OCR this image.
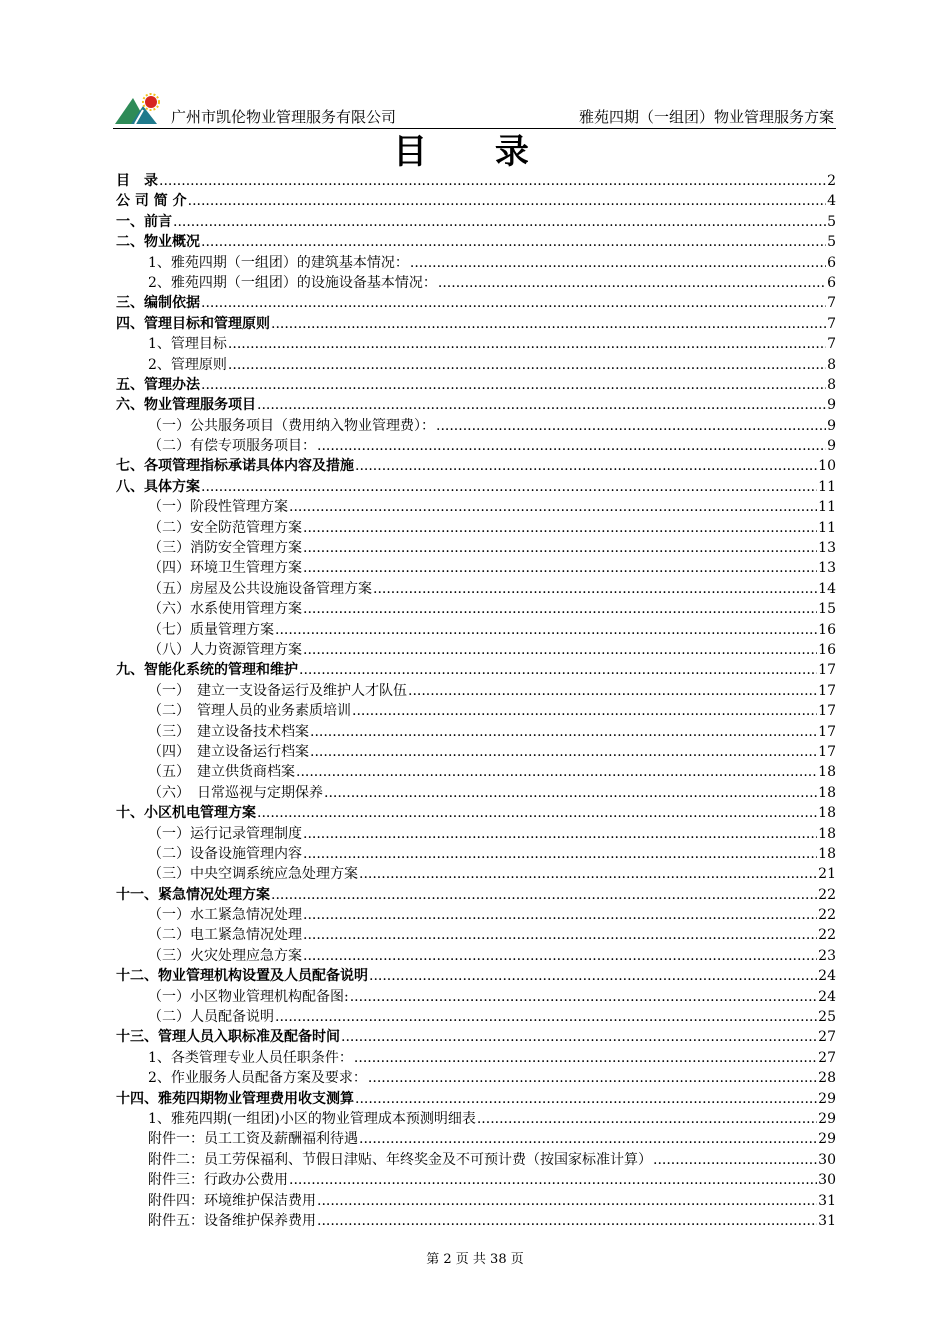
广州市凯伦物业管理服务有限公司	雅苑四期（一组团）物业管理服务方案
目 录
目　录 .....	2
公 司 简 介 .....	4
一、前言 .....	5
二、物业概况 .....	5
1、雅苑四期（一组团）的建筑基本情况： .....	6
2、雅苑四期（一组团）的设施设备基本情况： .....	6
三、编制依据 .....	7
四、管理目标和管理原则 .....	7
1、管理目标 .....	7
2、管理原则 .....	8
五、管理办法 .....	8
六、物业管理服务项目 .....	9
（一）公共服务项目（费用纳入物业管理费）： .....	9
（二）有偿专项服务项目： .....	9
七、各项管理指标承诺具体内容及措施 .....	10
八、具体方案 .....	11
（一）阶段性管理方案 .....	11
（二）安全防范管理方案 .....	11
（三）消防安全管理方案 .....	13
（四）环境卫生管理方案 .....	13
（五）房屋及公共设施设备管理方案 .....	14
（六）水系使用管理方案 .....	15
（七）质量管理方案 .....	16
（八）人力资源管理方案 .....	16
九、智能化系统的管理和维护 .....	17
（一）　建立一支设备运行及维护人才队伍 .....	17
（二）　管理人员的业务素质培训 .....	17
（三）　建立设备技术档案 .....	17
（四）　建立设备运行档案 .....	17
（五）　建立供货商档案 .....	18
（六）　日常巡视与定期保养 .....	18
十、小区机电管理方案 .....	18
（一）运行记录管理制度 .....	18
（二）设备设施管理内容 .....	18
（三）中央空调系统应急处理方案 .....	21
十一、紧急情况处理方案 .....	22
（一）水工紧急情况处理 .....	22
（二）电工紧急情况处理 .....	22
（三）火灾处理应急方案 .....	23
十二、物业管理机构设置及人员配备说明 .....	24
（一）小区物业管理机构配备图: .....	24
（二）人员配备说明 .....	25
十三、管理人员入职标准及配备时间 .....	27
1、各类管理专业人员任职条件： .....	27
2、作业服务人员配备方案及要求： .....	28
十四、雅苑四期物业管理费用收支测算 .....	29
1、雅苑四期(一组团)小区的物业管理成本预测明细表 .....	29
附件一：员工工资及薪酬福利待遇 .....	29
附件二：员工劳保福利、节假日津贴、年终奖金及不可预计费（按国家标准计算） .....	30
附件三：行政办公费用 .....	30
附件四：环境维护保洁费用 .....	31
附件五：设备维护保养费用 .....	31
第 2 页 共 38 页
